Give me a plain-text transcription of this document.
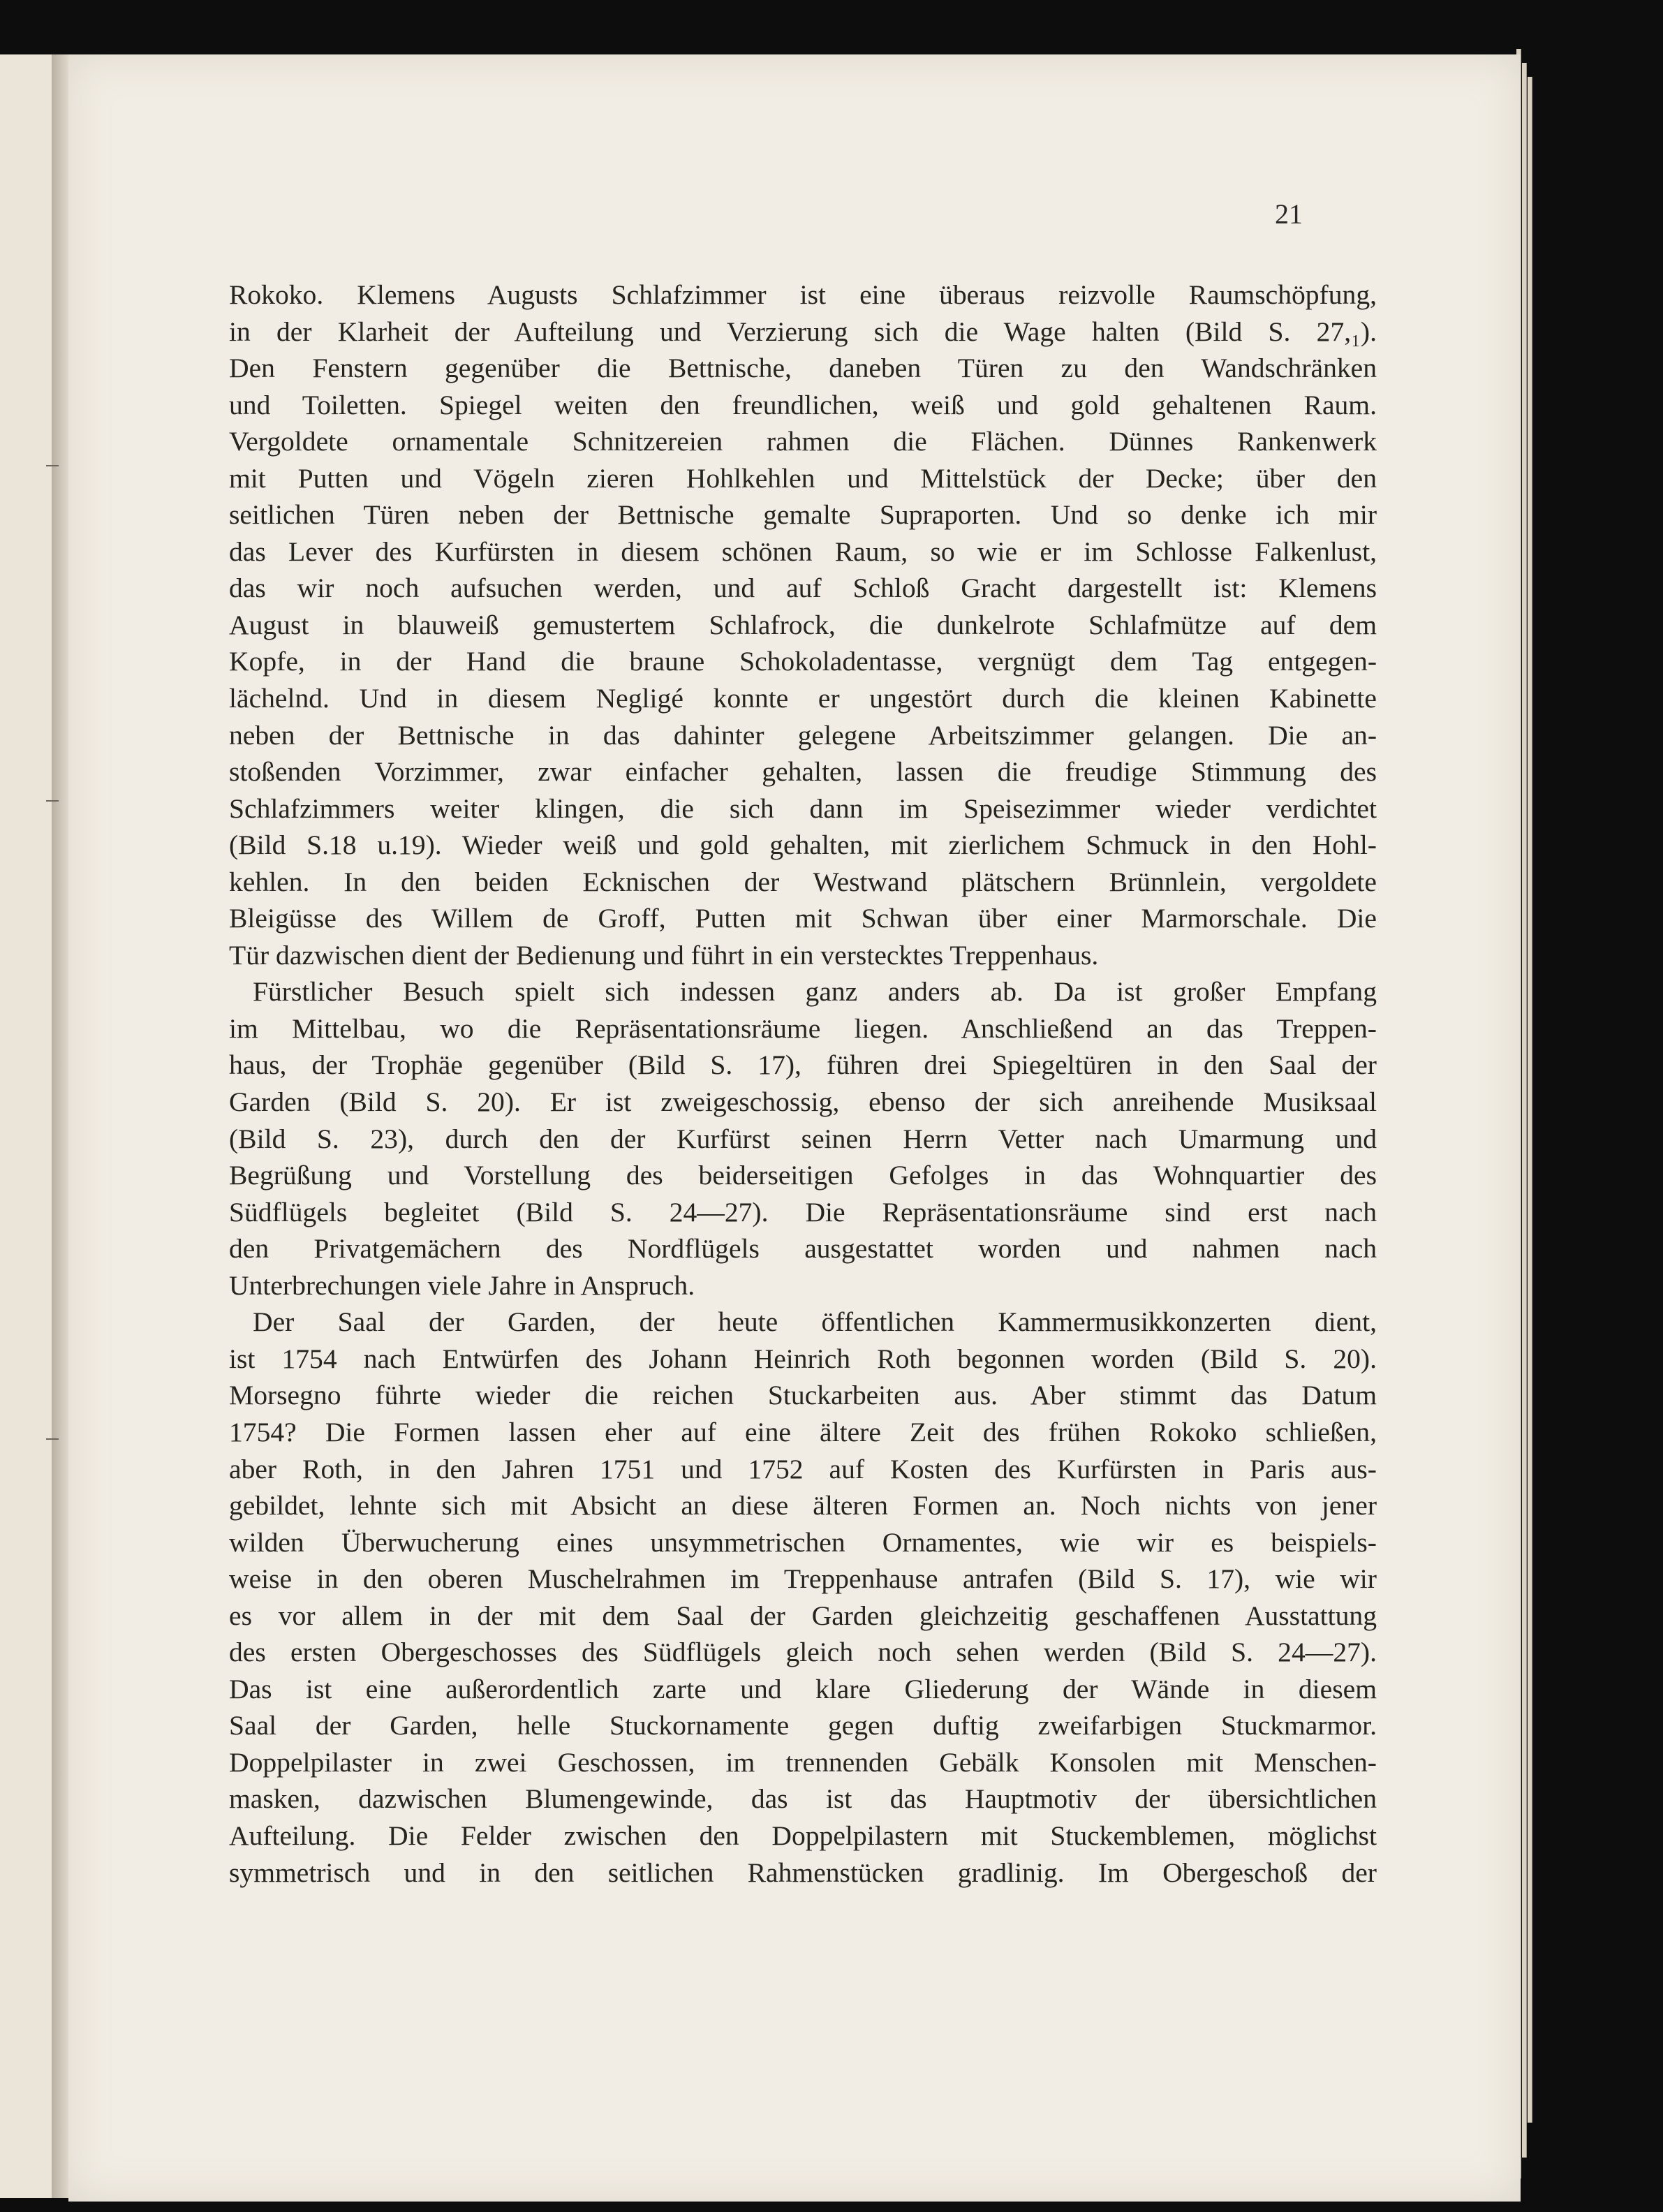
21
Rokoko. Klemens Augusts Schlafzimmer ist eine überaus reizvolle Raumschöpfung,
in der Klarheit der Aufteilung und Verzierung sich die Wage halten (Bild S. 27,₁).
Den Fenstern gegenüber die Bettnische, daneben Türen zu den Wandschränken
und Toiletten. Spiegel weiten den freundlichen, weiß und gold gehaltenen Raum.
Vergoldete ornamentale Schnitzereien rahmen die Flächen. Dünnes Rankenwerk
mit Putten und Vögeln zieren Hohlkehlen und Mittelstück der Decke; über den
seitlichen Türen neben der Bettnische gemalte Supraporten. Und so denke ich mir
das Lever des Kurfürsten in diesem schönen Raum, so wie er im Schlosse Falkenlust,
das wir noch aufsuchen werden, und auf Schloß Gracht dargestellt ist: Klemens
August in blauweiß gemustertem Schlafrock, die dunkelrote Schlafmütze auf dem
Kopfe, in der Hand die braune Schokoladentasse, vergnügt dem Tag entgegen-
lächelnd. Und in diesem Negligé konnte er ungestört durch die kleinen Kabinette
neben der Bettnische in das dahinter gelegene Arbeitszimmer gelangen. Die an-
stoßenden Vorzimmer, zwar einfacher gehalten, lassen die freudige Stimmung des
Schlafzimmers weiter klingen, die sich dann im Speisezimmer wieder verdichtet
(Bild S.18 u.19). Wieder weiß und gold gehalten, mit zierlichem Schmuck in den Hohl-
kehlen. In den beiden Ecknischen der Westwand plätschern Brünnlein, vergoldete
Bleigüsse des Willem de Groff, Putten mit Schwan über einer Marmorschale. Die
Tür dazwischen dient der Bedienung und führt in ein verstecktes Treppenhaus.
Fürstlicher Besuch spielt sich indessen ganz anders ab. Da ist großer Empfang
im Mittelbau, wo die Repräsentationsräume liegen. Anschließend an das Treppen-
haus, der Trophäe gegenüber (Bild S. 17), führen drei Spiegeltüren in den Saal der
Garden (Bild S. 20). Er ist zweigeschossig, ebenso der sich anreihende Musiksaal
(Bild S. 23), durch den der Kurfürst seinen Herrn Vetter nach Umarmung und
Begrüßung und Vorstellung des beiderseitigen Gefolges in das Wohnquartier des
Südflügels begleitet (Bild S. 24—27). Die Repräsentationsräume sind erst nach
den Privatgemächern des Nordflügels ausgestattet worden und nahmen nach
Unterbrechungen viele Jahre in Anspruch.
Der Saal der Garden, der heute öffentlichen Kammermusikkonzerten dient,
ist 1754 nach Entwürfen des Johann Heinrich Roth begonnen worden (Bild S. 20).
Morsegno führte wieder die reichen Stuckarbeiten aus. Aber stimmt das Datum
1754? Die Formen lassen eher auf eine ältere Zeit des frühen Rokoko schließen,
aber Roth, in den Jahren 1751 und 1752 auf Kosten des Kurfürsten in Paris aus-
gebildet, lehnte sich mit Absicht an diese älteren Formen an. Noch nichts von jener
wilden Überwucherung eines unsymmetrischen Ornamentes, wie wir es beispiels-
weise in den oberen Muschelrahmen im Treppenhause antrafen (Bild S. 17), wie wir
es vor allem in der mit dem Saal der Garden gleichzeitig geschaffenen Ausstattung
des ersten Obergeschosses des Südflügels gleich noch sehen werden (Bild S. 24—27).
Das ist eine außerordentlich zarte und klare Gliederung der Wände in diesem
Saal der Garden, helle Stuckornamente gegen duftig zweifarbigen Stuckmarmor.
Doppelpilaster in zwei Geschossen, im trennenden Gebälk Konsolen mit Menschen-
masken, dazwischen Blumengewinde, das ist das Hauptmotiv der übersichtlichen
Aufteilung. Die Felder zwischen den Doppelpilastern mit Stuckemblemen, möglichst
symmetrisch und in den seitlichen Rahmenstücken gradlinig. Im Obergeschoß der
